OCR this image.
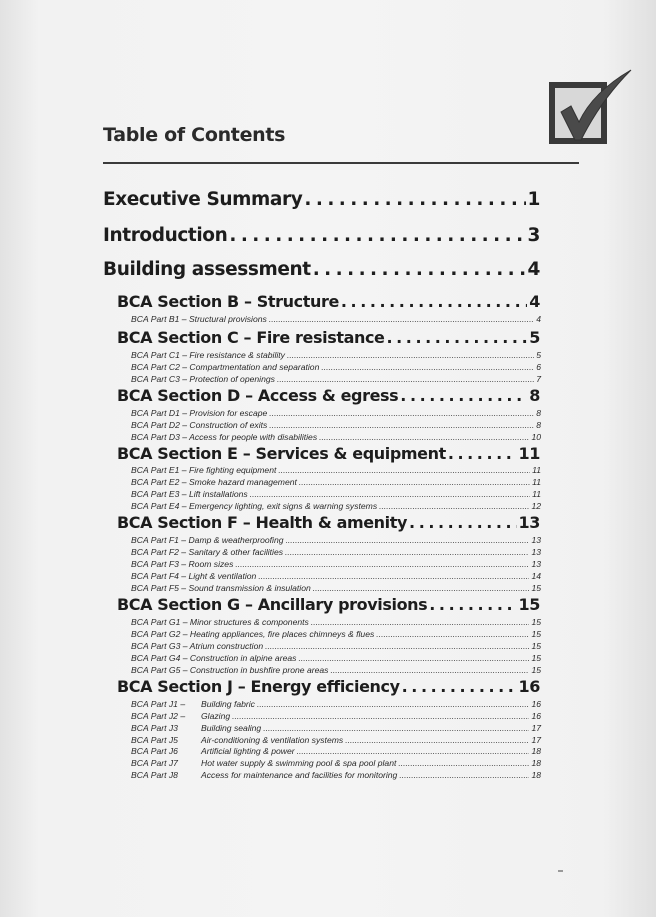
Table of Contents
Executive Summary . . .	1
Introduction . . .	3
Building assessment . . .	4
BCA Section B – Structure . . .	4
BCA Part B1 – Structural provisions .....	4
BCA Section C – Fire resistance . . .	5
BCA Part C1 – Fire resistance & stability .....	5
BCA Part C2 – Compartmentation and separation .....	6
BCA Part C3 – Protection of openings .....	7
BCA Section D – Access & egress . . .	8
BCA Part D1 – Provision for escape .....	8
BCA Part D2 – Construction of exits .....	8
BCA Part D3 – Access for people with disabilities .....	10
BCA Section E – Services & equipment . . .	11
BCA Part E1 – Fire fighting equipment .....	11
BCA Part E2 – Smoke hazard management .....	11
BCA Part E3 – Lift installations .....	11
BCA Part E4 – Emergency lighting, exit signs & warning systems .....	12
BCA Section F – Health & amenity . . .	13
BCA Part F1 – Damp & weatherproofing .....	13
BCA Part F2 – Sanitary & other facilities .....	13
BCA Part F3 – Room sizes .....	13
BCA Part F4 – Light & ventilation .....	14
BCA Part F5 – Sound transmission & insulation .....	15
BCA Section G – Ancillary provisions . . .	15
BCA Part G1 – Minor structures & components .....	15
BCA Part G2 – Heating appliances, fire places chimneys & flues .....	15
BCA Part G3 – Atrium construction .....	15
BCA Part G4 – Construction in alpine areas .....	15
BCA Part G5 – Construction in bushfire prone areas .....	15
BCA Section J – Energy efficiency . . .	16
BCA Part J1 – Building fabric .....	16
BCA Part J2 – Glazing .....	16
BCA Part J3	Building sealing .....	17
BCA Part J5	Air-conditioning & ventilation systems .....	17
BCA Part J6	Artificial lighting & power .....	18
BCA Part J7	Hot water supply & swimming pool & spa pool plant .....	18
BCA Part J8	Access for maintenance and facilities for monitoring .....	18
